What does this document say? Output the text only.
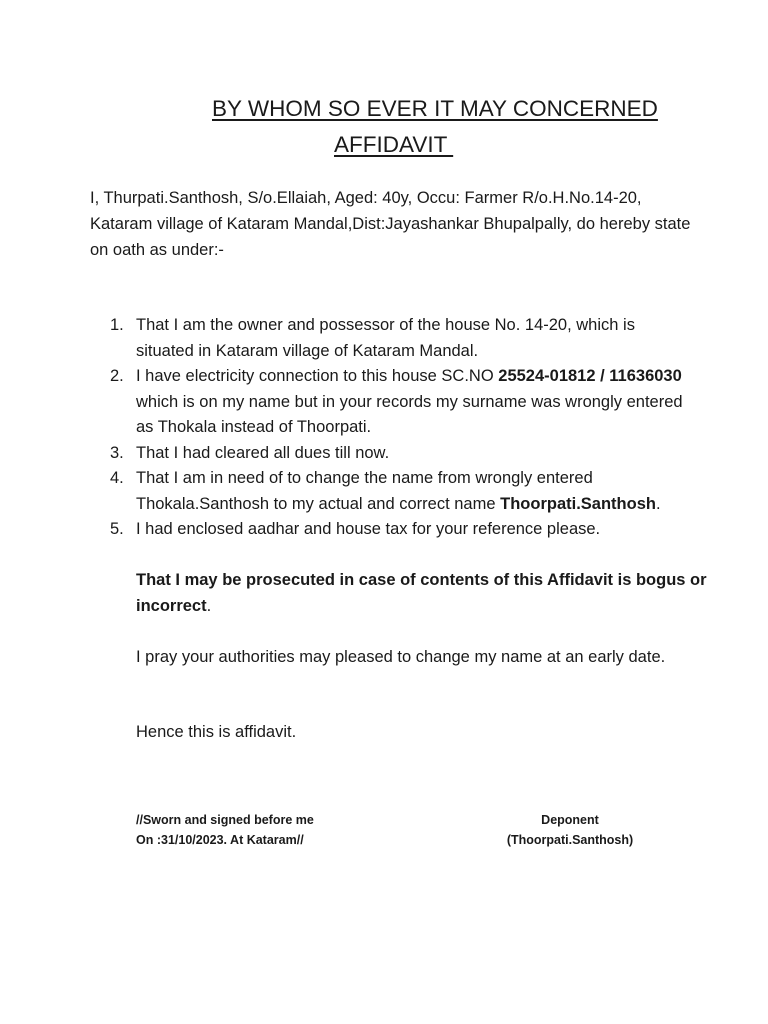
BY WHOM SO EVER IT MAY CONCERNED
AFFIDAVIT
I, Thurpati.Santhosh, S/o.Ellaiah, Aged: 40y, Occu: Farmer R/o.H.No.14-20,
Kataram village of Kataram Mandal,Dist:Jayashankar Bhupalpally, do hereby state
on oath as under:-
1. That I am the owner and possessor of the house No. 14-20, which is
situated in Kataram village of Kataram Mandal.
2. I have electricity connection to this house SC.NO 25524-01812 / 11636030
which is on my name but in your records my surname was wrongly entered
as Thokala instead of Thoorpati.
3. That I had cleared all dues till now.
4. That I am in need of to change the name from wrongly entered
Thokala.Santhosh to my actual and correct name Thoorpati.Santhosh.
5. I had enclosed aadhar and house tax for your reference please.
That I may be prosecuted in case of contents of this Affidavit is bogus or
incorrect.
I pray your authorities may pleased to change my name at an early date.
Hence this is affidavit.
//Sworn and signed before me
On :31/10/2023. At Kataram//
Deponent
(Thoorpati.Santhosh)
